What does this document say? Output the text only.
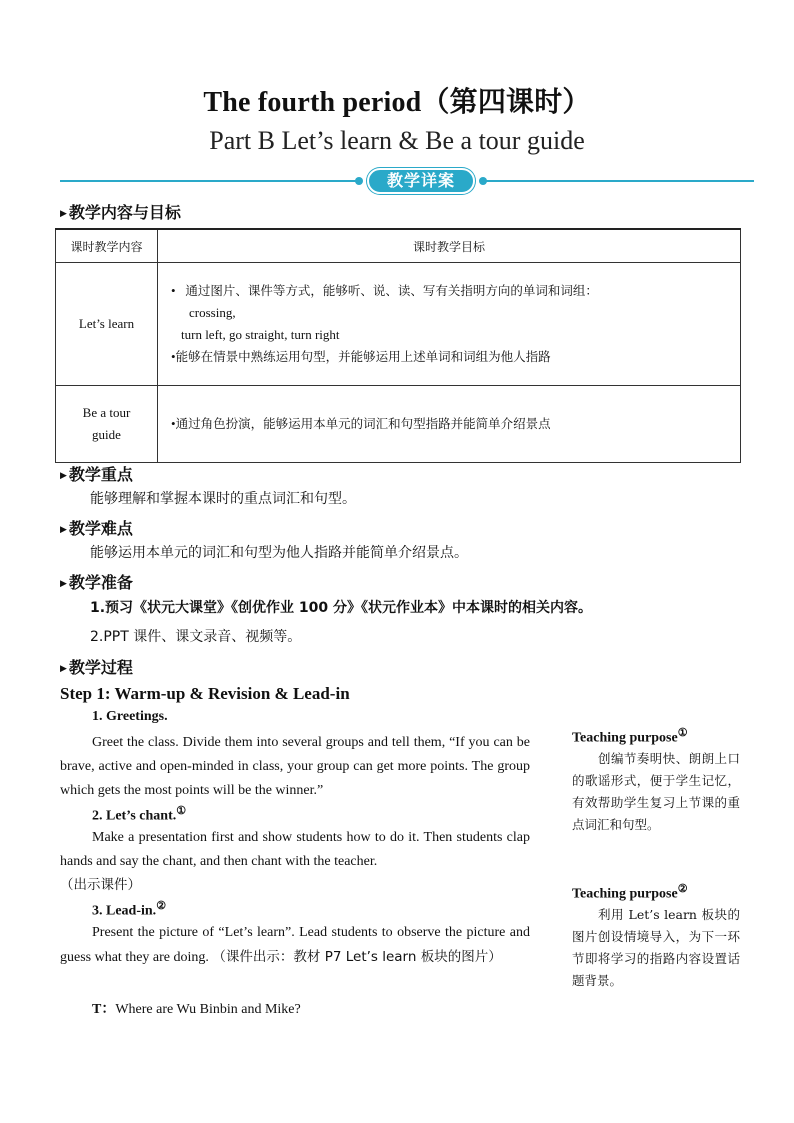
The fourth period（第四课时）
Part B Let’s learn & Be a tour guide
教学详案
▶ 教学内容与目标
课时教学内容	课时教学目标
Let’s learn	• 通过图片、课件等方式，能够听、说、读、写有关指明方向的单词和词组：
crossing,
turn left, go straight, turn right
•能够在情景中熟练运用句型，并能够运用上述单词和词组为他人指路

Be a tour
guide	•通过角色扮演，能够运用本单元的词汇和句型指路并能简单介绍景点
▶ 教学重点
能够理解和掌握本课时的重点词汇和句型。
▶ 教学难点
能够运用本单元的词汇和句型为他人指路并能简单介绍景点。
▶ 教学准备
1.预习《状元大课堂》《创优作业 100 分》《状元作业本》中本课时的相关内容。
2.PPT 课件、课文录音、视频等。
▶ 教学过程
Step 1: Warm-up & Revision & Lead-in
1. Greetings.
Greet the class. Divide them into several groups and tell them, “If you can be brave, active and open-minded in class, your group can get more points. The group which gets the most points will be the winner.”
2. Let’s chant.①
Make a presentation first and show students how to do it. Then students clap hands and say the chant, and then chant with the teacher.
（出示课件）
3. Lead-in.②
Present the picture of “Let’s learn”. Lead students to observe the picture and guess what they are doing. （课件出示：教材 P7 Let’s learn 板块的图片）
T：Where are Wu Binbin and Mike?
Teaching purpose①
创编节奏明快、朗朗上口的歌谣形式，便于学生记忆，有效帮助学生复习上节课的重点词汇和句型。
Teaching purpose②
利用 Let’s learn 板块的图片创设情境导入，为下一环节即将学习的指路内容设置话题背景。
